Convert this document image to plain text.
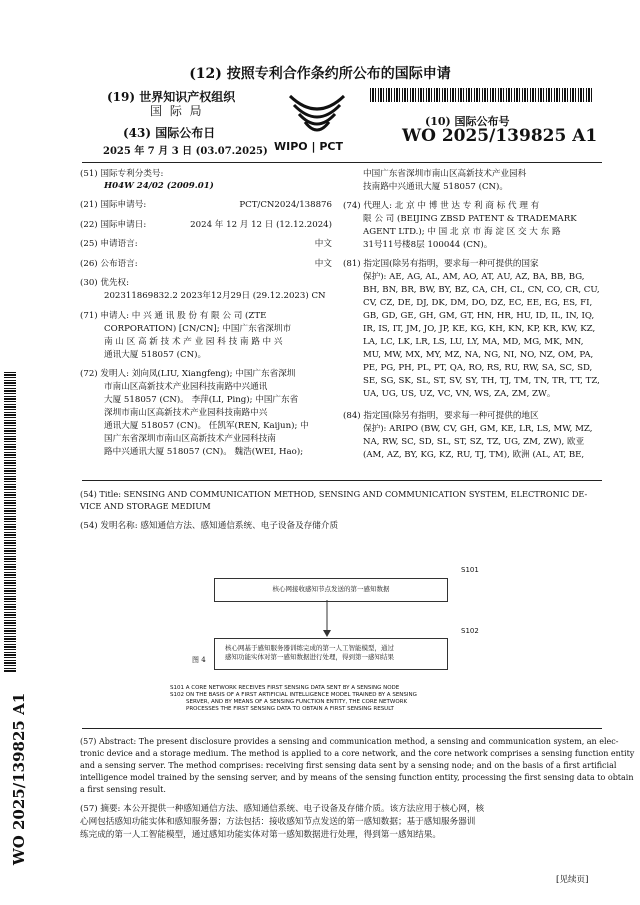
(12) 按照专利合作条约所公布的国际申请
(19) 世界知识产权组织
国 际 局
(43) 国际公布日
2025 年 7 月 3 日 (03.07.2025) WIPO | PCT
(10) 国际公布号
WO 2025/139825 A1
(51) 国际专利分类号:
H04W 24/02 (2009.01)
(21) 国际申请号:	PCT/CN2024/138876
(22) 国际申请日:	2024 年 12 月 12 日 (12.12.2024)
(25) 申请语言:	中文
(26) 公布语言:	中文
(30) 优先权:
202311869832.2 2023年12月29日 (29.12.2023) CN
(71) 申请人: 中 兴 通 讯 股 份 有 限 公 司 (ZTE
CORPORATION) [CN/CN]; 中国广东省深圳市
南 山 区 高 新 技 术 产 业 园 科 技 南 路 中 兴
通讯大厦 518057 (CN)。
(72) 发明人: 刘向凤(LIU, Xiangfeng); 中国广东省深圳
市南山区高新技术产业园科技南路中兴通讯
大厦 518057 (CN)。 李萍(LI, Ping); 中国广东省
深圳市南山区高新技术产业园科技南路中兴
通讯大厦 518057 (CN)。 任凯军(REN, Kaijun); 中
国广东省深圳市南山区高新技术产业园科技南
路中兴通讯大厦 518057 (CN)。 魏浩(WEI, Hao);
中国广东省深圳市南山区高新技术产业园科
技南路中兴通讯大厦 518057 (CN)。
(74) 代理人: 北 京 中 博 世 达 专 利 商 标 代 理 有
限 公 司 (BEIJING ZBSD PATENT & TRADEMARK
AGENT LTD.); 中 国 北 京 市 海 淀 区 交 大 东 路
31号11号楼8层 100044 (CN)。
(81) 指定国(除另有指明，要求每一种可提供的国家
保护): AE, AG, AL, AM, AO, AT, AU, AZ, BA, BB, BG,
BH, BN, BR, BW, BY, BZ, CA, CH, CL, CN, CO, CR, CU,
CV, CZ, DE, DJ, DK, DM, DO, DZ, EC, EE, EG, ES, FI,
GB, GD, GE, GH, GM, GT, HN, HR, HU, ID, IL, IN, IQ,
IR, IS, IT, JM, JO, JP, KE, KG, KH, KN, KP, KR, KW, KZ,
LA, LC, LK, LR, LS, LU, LY, MA, MD, MG, MK, MN,
MU, MW, MX, MY, MZ, NA, NG, NI, NO, NZ, OM, PA,
PE, PG, PH, PL, PT, QA, RO, RS, RU, RW, SA, SC, SD,
SE, SG, SK, SL, ST, SV, SY, TH, TJ, TM, TN, TR, TT, TZ,
UA, UG, US, UZ, VC, VN, WS, ZA, ZM, ZW。
(84) 指定国(除另有指明，要求每一种可提供的地区
保护): ARIPO (BW, CV, GH, GM, KE, LR, LS, MW, MZ,
NA, RW, SC, SD, SL, ST, SZ, TZ, UG, ZM, ZW), 欧亚
(AM, AZ, BY, KG, KZ, RU, TJ, TM), 欧洲 (AL, AT, BE,
(54) Title: SENSING AND COMMUNICATION METHOD, SENSING AND COMMUNICATION SYSTEM, ELECTRONIC DE-
VICE AND STORAGE MEDIUM
(54) 发明名称: 感知通信方法、感知通信系统、电子设备及存储介质
S101
核心网接收感知节点发送的第一感知数据
S102
核心网基于感知服务器训练完成的第一人工智能模型，通过
感知功能实体对第一感知数据进行处理，得到第一感知结果
图 4
S101 A CORE NETWORK RECEIVES FIRST SENSING DATA SENT BY A SENSING NODE
S102 ON THE BASIS OF A FIRST ARTIFICIAL INTELLIGENCE MODEL TRAINED BY A SENSING
SERVER, AND BY MEANS OF A SENSING FUNCTION ENTITY, THE CORE NETWORK
PROCESSES THE FIRST SENSING DATA TO OBTAIN A FIRST SENSING RESULT
(57) Abstract: The present disclosure provides a sensing and communication method, a sensing and communication system, an elec-
tronic device and a storage medium. The method is applied to a core network, and the core network comprises a sensing function entity
and a sensing server. The method comprises: receiving first sensing data sent by a sensing node; and on the basis of a first artificial
intelligence model trained by the sensing server, and by means of the sensing function entity, processing the first sensing data to obtain
a first sensing result.
(57) 摘要: 本公开提供一种感知通信方法、感知通信系统、电子设备及存储介质。该方法应用于核心网，核
心网包括感知功能实体和感知服务器；方法包括：接收感知节点发送的第一感知数据；基于感知服务器训
练完成的第一人工智能模型，通过感知功能实体对第一感知数据进行处理，得到第一感知结果。
[见续页]
WO 2025/139825 A1
